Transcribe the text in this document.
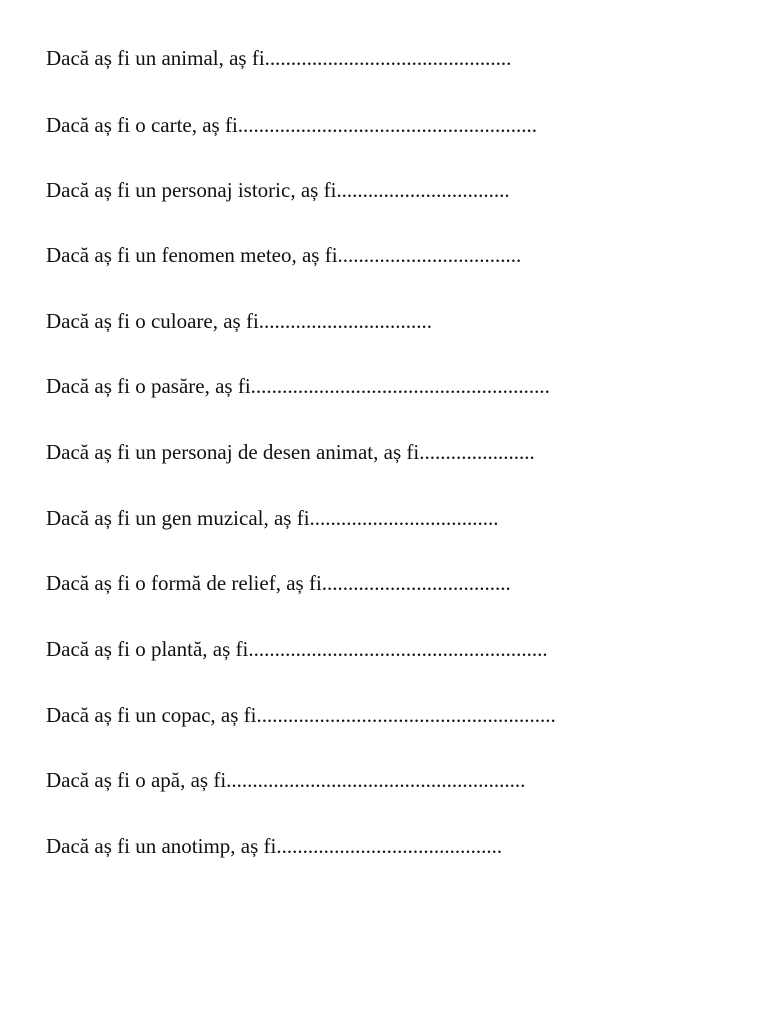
Dacă aș fi un animal, aș fi...............................................

Dacă aș fi o carte, aș fi.........................................................

Dacă aș fi un personaj istoric, aș fi.................................

Dacă aș fi un fenomen meteo, aș fi...................................

Dacă aș fi o culoare, aș fi.................................

Dacă aș fi o pasăre, aș fi.........................................................

Dacă aș fi un personaj de desen animat, aș fi......................

Dacă aș fi un gen muzical, aș fi....................................

Dacă aș fi o formă de relief, aș fi....................................

Dacă aș fi o plantă, aș fi.........................................................

Dacă aș fi un copac, aș fi.........................................................

Dacă aș fi o apă, aș fi.........................................................

Dacă aș fi un anotimp, aș fi...........................................
